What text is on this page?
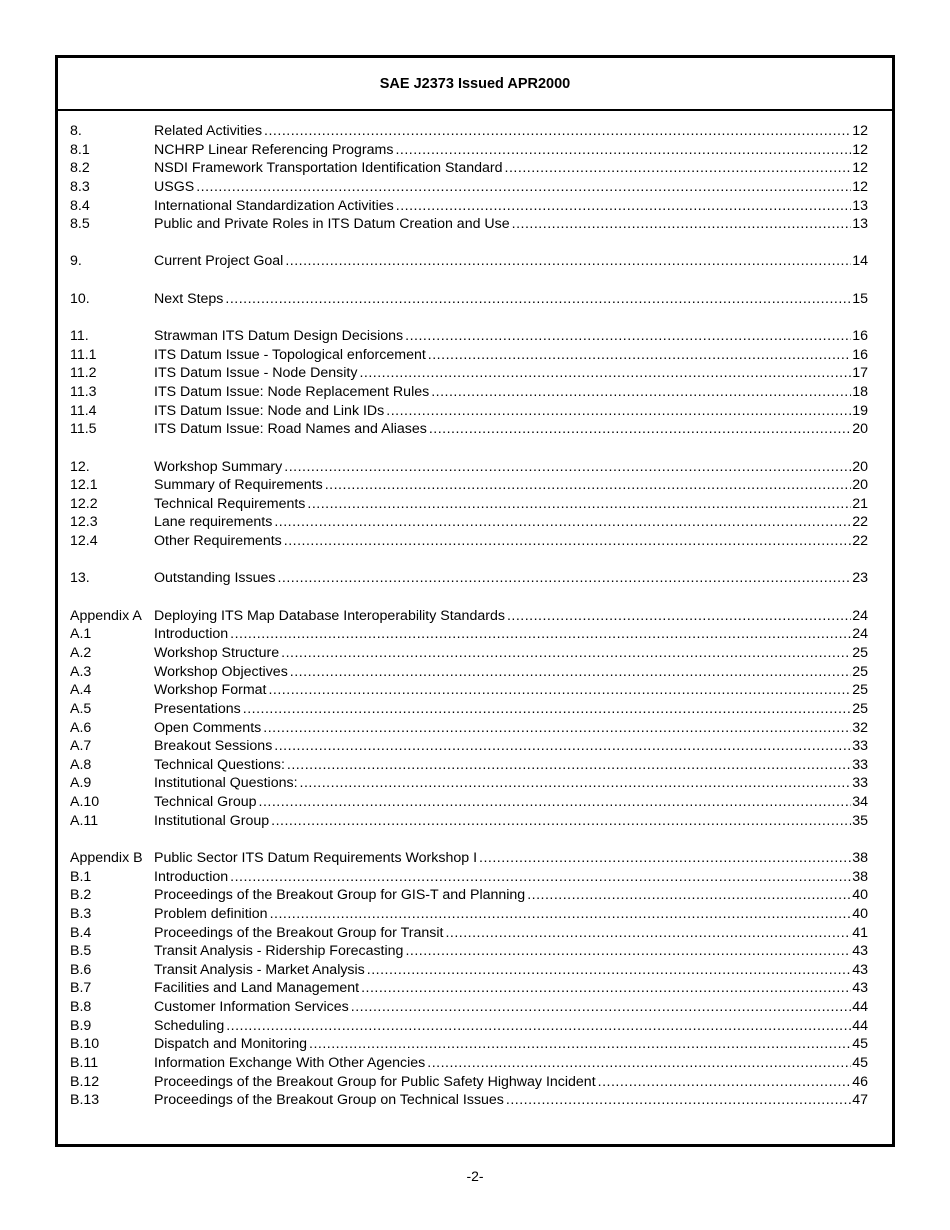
SAE J2373 Issued APR2000
8.	Related Activities .....	12
8.1	NCHRP Linear Referencing Programs .....	12
8.2	NSDI Framework Transportation Identification Standard .....	12
8.3	USGS .....	12
8.4	International Standardization Activities .....	13
8.5	Public and Private Roles in ITS Datum Creation and Use .....	13
9.	Current Project Goal .....	14
10.	Next Steps .....	15
11.	Strawman ITS Datum Design Decisions .....	16
11.1	ITS Datum Issue - Topological enforcement .....	16
11.2	ITS Datum Issue - Node Density .....	17
11.3	ITS Datum Issue: Node Replacement Rules .....	18
11.4	ITS Datum Issue: Node and Link IDs .....	19
11.5	ITS Datum Issue: Road Names and Aliases .....	20
12.	Workshop Summary .....	20
12.1	Summary of Requirements .....	20
12.2	Technical Requirements .....	21
12.3	Lane requirements .....	22
12.4	Other Requirements .....	22
13.	Outstanding Issues .....	23
Appendix A Deploying ITS Map Database Interoperability Standards .....	24
A.1	Introduction .....	24
A.2	Workshop Structure .....	25
A.3	Workshop Objectives .....	25
A.4	Workshop Format .....	25
A.5	Presentations .....	25
A.6	Open Comments .....	32
A.7	Breakout Sessions .....	33
A.8	Technical Questions: .....	33
A.9	Institutional Questions: .....	33
A.10	Technical Group .....	34
A.11	Institutional Group .....	35
Appendix B Public Sector ITS Datum Requirements Workshop I .....	38
B.1	Introduction .....	38
B.2	Proceedings of the Breakout Group for GIS-T and Planning .....	40
B.3	Problem definition .....	40
B.4	Proceedings of the Breakout Group for Transit .....	41
B.5	Transit Analysis - Ridership Forecasting .....	43
B.6	Transit Analysis - Market Analysis .....	43
B.7	Facilities and Land Management .....	43
B.8	Customer Information Services .....	44
B.9	Scheduling .....	44
B.10	Dispatch and Monitoring .....	45
B.11	Information Exchange With Other Agencies .....	45
B.12	Proceedings of the Breakout Group for Public Safety Highway Incident .....	46
B.13	Proceedings of the Breakout Group on Technical Issues .....	47
-2-
